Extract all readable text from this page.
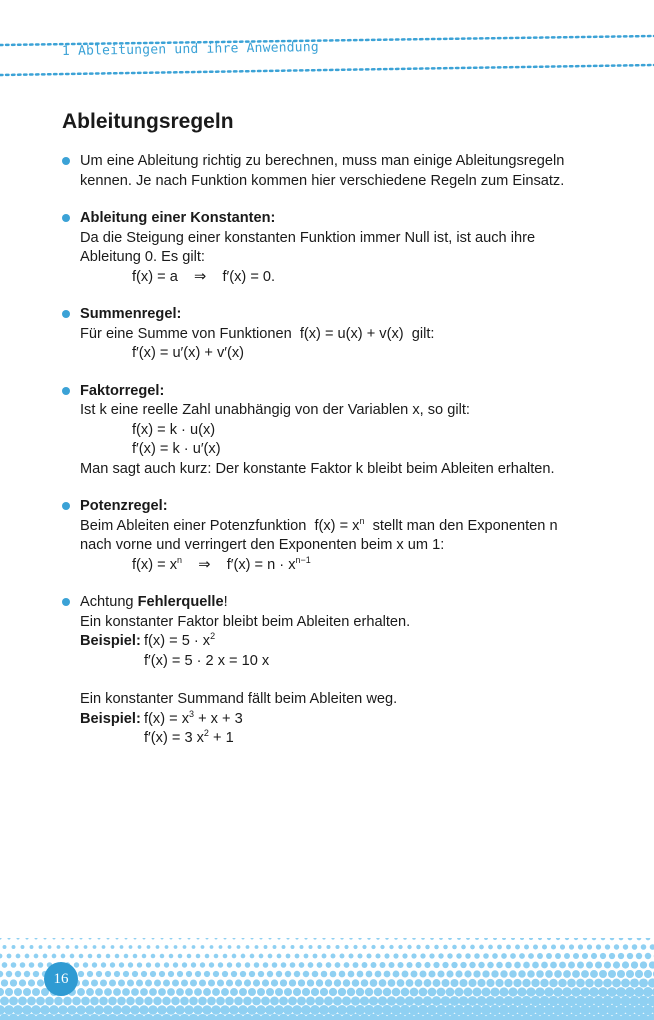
1 Ableitungen und ihre Anwendung
Ableitungsregeln
Um eine Ableitung richtig zu berechnen, muss man einige Ableitungsregeln
kennen. Je nach Funktion kommen hier verschiedene Regeln zum Einsatz.
Ableitung einer Konstanten:
Da die Steigung einer konstanten Funktion immer Null ist, ist auch ihre
Ableitung 0. Es gilt:
f(x) = a    ⇒    f′(x) = 0.
Summenregel:
Für eine Summe von Funktionen  f(x) = u(x) + v(x)  gilt:
f′(x) = u′(x) + v′(x)
Faktorregel:
Ist k eine reelle Zahl unabhängig von der Variablen x, so gilt:
f(x) = k · u(x)
f′(x) = k · u′(x)
Man sagt auch kurz: Der konstante Faktor k bleibt beim Ableiten erhalten.
Potenzregel:
Beim Ableiten einer Potenzfunktion  $f(x) = x^n$  stellt man den Exponenten n
nach vorne und verringert den Exponenten beim x um 1:
$f(x) = x^n$    ⇒    $f'(x) = n \cdot x^{n-1}$
Achtung Fehlerquelle!
Ein konstanter Faktor bleibt beim Ableiten erhalten.
Beispiel: $f(x) = 5 \cdot x^2$
f′(x) = 5 · 2 x = 10 x
Ein konstanter Summand fällt beim Ableiten weg.
Beispiel: $f(x) = x^3 + x + 3$
f′(x) = 3 $x^2 + 1$
16
